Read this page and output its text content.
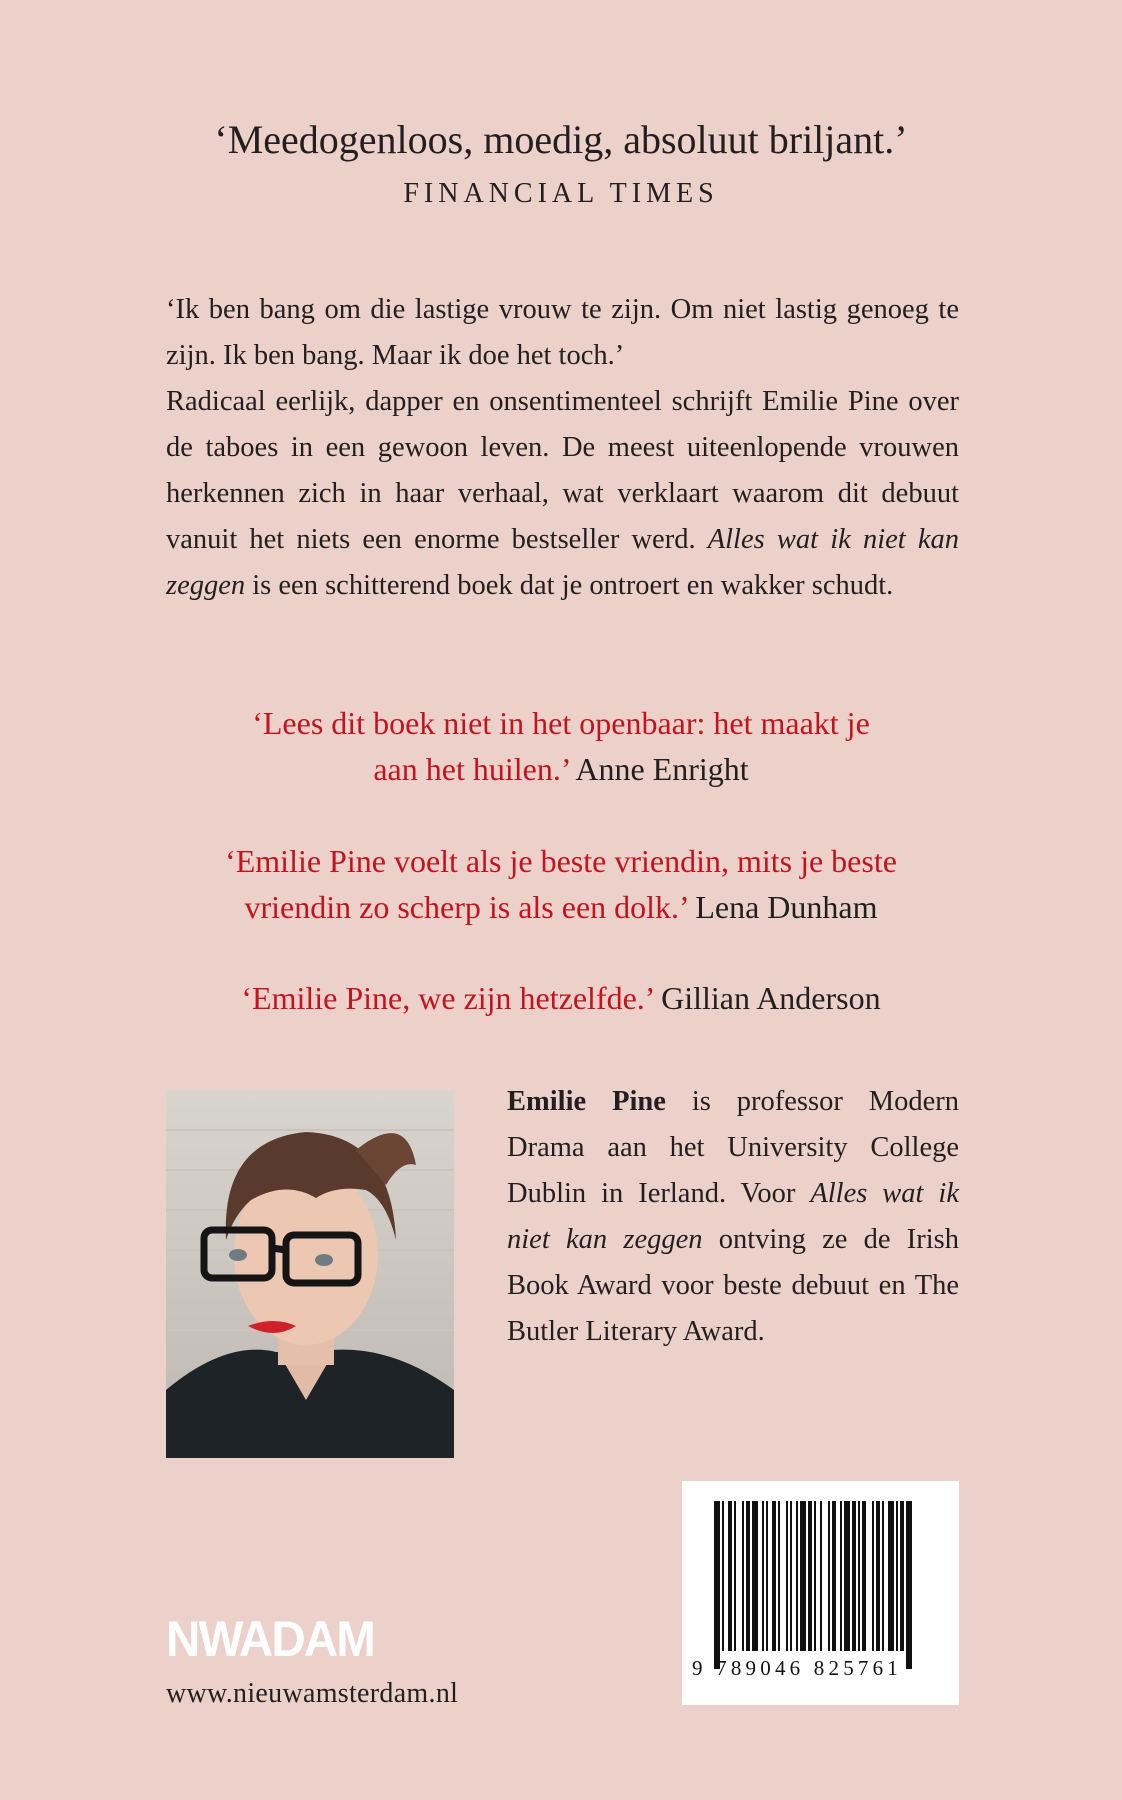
‘Meedogenloos, moedig, absoluut briljant.’
FINANCIAL TIMES

‘Ik ben bang om die lastige vrouw te zijn. Om niet lastig genoeg te zijn. Ik ben bang. Maar ik doe het toch.’

Radicaal eerlijk, dapper en onsentimenteel schrijft Emilie Pine over de taboes in een gewoon leven. De meest uiteenlopende vrouwen herkennen zich in haar verhaal, wat verklaart waarom dit debuut vanuit het niets een enorme bestseller werd. Alles wat ik niet kan zeggen is een schitterend boek dat je ontroert en wakker schudt.

‘Lees dit boek niet in het openbaar: het maakt je
aan het huilen.’ Anne Enright
‘Emilie Pine voelt als je beste vriendin, mits je beste
vriendin zo scherp is als een dolk.’ Lena Dunham
‘Emilie Pine, we zijn hetzelfde.’ Gillian Anderson

Emilie Pine is professor Modern Drama aan het University College Dublin in Ierland. Voor Alles wat ik niet kan zeggen ontving ze de Irish Book Award voor beste debuut en The Butler Literary Award.

9 789046 825761
NWADAM
www.nieuwamsterdam.nl
